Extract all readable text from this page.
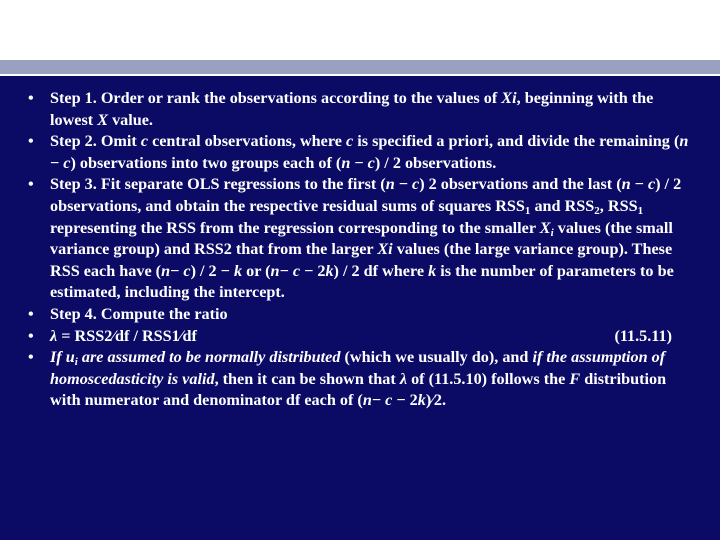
•	Step 1. Order or rank the observations according to the values of Xi, beginning with the lowest X value.
•	Step 2. Omit c central observations, where c is specified a priori, and divide the remaining (n − c) observations into two groups each of (n − c) / 2 observations.
•	Step 3. Fit separate OLS regressions to the first (n − c) 2 observations and the last (n − c) / 2 observations, and obtain the respective residual sums of squares $RSS_1$ and $RSS_2$, $RSS_1$ representing the RSS from the regression corresponding to the smaller $X_i$ values (the small variance group) and RSS2 that from the larger Xi values (the large variance group). These RSS each have (n− c) / 2 − k or (n− c − 2k) / 2 df where k is the number of parameters to be estimated, including the intercept.
•	Step 4. Compute the ratio
•	λ = RSS2⁄df / RSS1⁄df	(11.5.11)
•	If $u_i$ are assumed to be normally distributed (which we usually do), and if the assumption of homoscedasticity is valid, then it can be shown that λ of (11.5.10) follows the F distribution with numerator and denominator df each of (n− c − 2k)⁄2.
